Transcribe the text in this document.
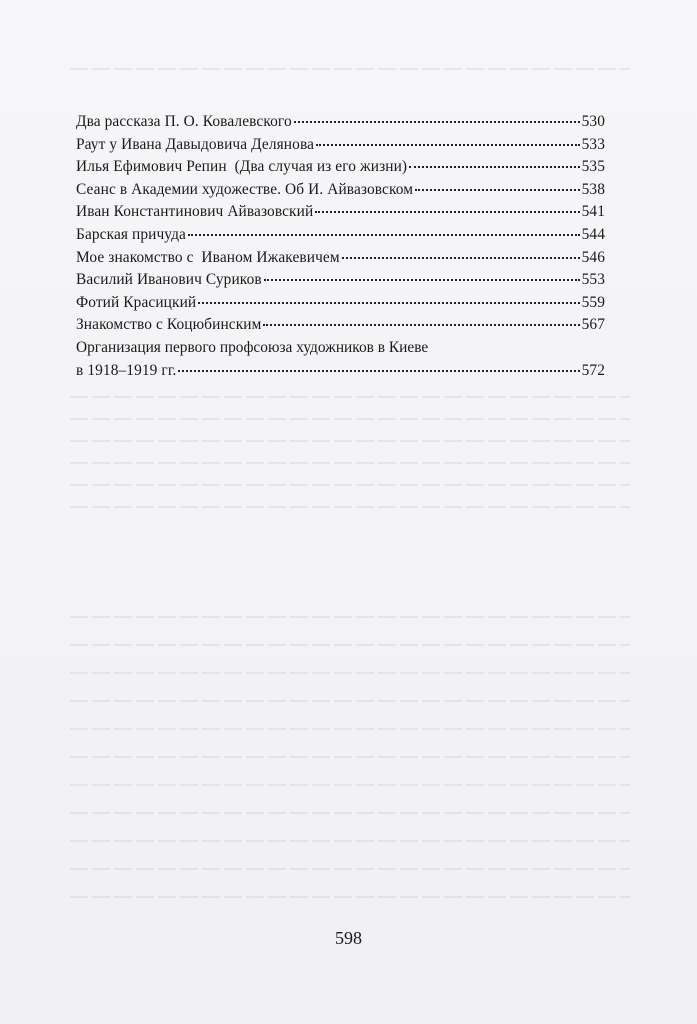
Два рассказа П. О. Ковалевского	530
Раут у Ивана Давыдовича Делянова	533
Илья Ефимович Репин  (Два случая из его жизни)	535
Сеанс в Академии художестве. Об И. Айвазовском	538
Иван Константинович Айвазовский	541
Барская причуда	544
Мое знакомство с  Иваном Ижакевичем	546
Василий Иванович Суриков	553
Фотий Красицкий	559
Знакомство с Коцюбинским	567
Организация первого профсоюза художников в Киеве
в 1918–1919 гг.	572
598
